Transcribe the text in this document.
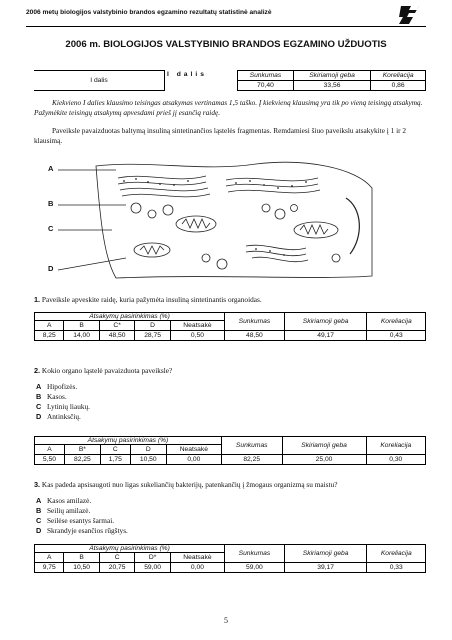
2006 metų biologijos valstybinio brandos egzamino rezultatų statistinė analizė
2006 m. BIOLOGIJOS VALSTYBINIO BRANDOS EGZAMINO UŽDUOTIS
I dalis	I dalis	Sunkumas	Skiriamoji geba	Koreliacija
		70,40	33,56	0,86
Kiekvieno I dalies klausimo teisingas atsakymas vertinamas 1,5 taško. Į kiekvieną klausimą yra tik po vieną teisingą atsakymą. Pažymėkite teisingų atsakymų apvesdami prieš jį esančią raidę.
Paveiksle pavaizduotas baltymą insuliną sintetinančios ląstelės fragmentas. Remdamiesi šiuo paveikslu atsakykite į 1 ir 2 klausimą.
A
B
C
D
1. Paveiksle apveskite raidę, kuria pažymėta insuliną sintetinantis organoidas.
Atsakymų pasirinkimas (%)					Sunkumas	Skiriamoji geba	Koreliacija
A	B	C*	D	Neatsakė			
8,25	14,00	48,50	28,75	0,50	48,50	49,17	0,43
2. Kokio organo ląstelė pavaizduota paveiksle?
A Hipofizės.
B Kasos.
C Lytinių liaukų.
D Antinksčių.
Atsakymų pasirinkimas (%)					Sunkumas	Skiriamoji geba	Koreliacija
A	B*	C	D	Neatsakė			
5,50	82,25	1,75	10,50	0,00	82,25	25,00	0,30
3. Kas padeda apsisaugoti nuo ligas sukeliančių bakterijų, patenkančių į žmogaus organizmą su maistu?
A Kasos amilazė.
B Seilių amilazė.
C Seilėse esantys šarmai.
D Skrandyje esančios rūgštys.
Atsakymų pasirinkimas (%)					Sunkumas	Skiriamoji geba	Koreliacija
A	B	C	D*	Neatsakė			
9,75	10,50	20,75	59,00	0,00	59,00	39,17	0,33
5
